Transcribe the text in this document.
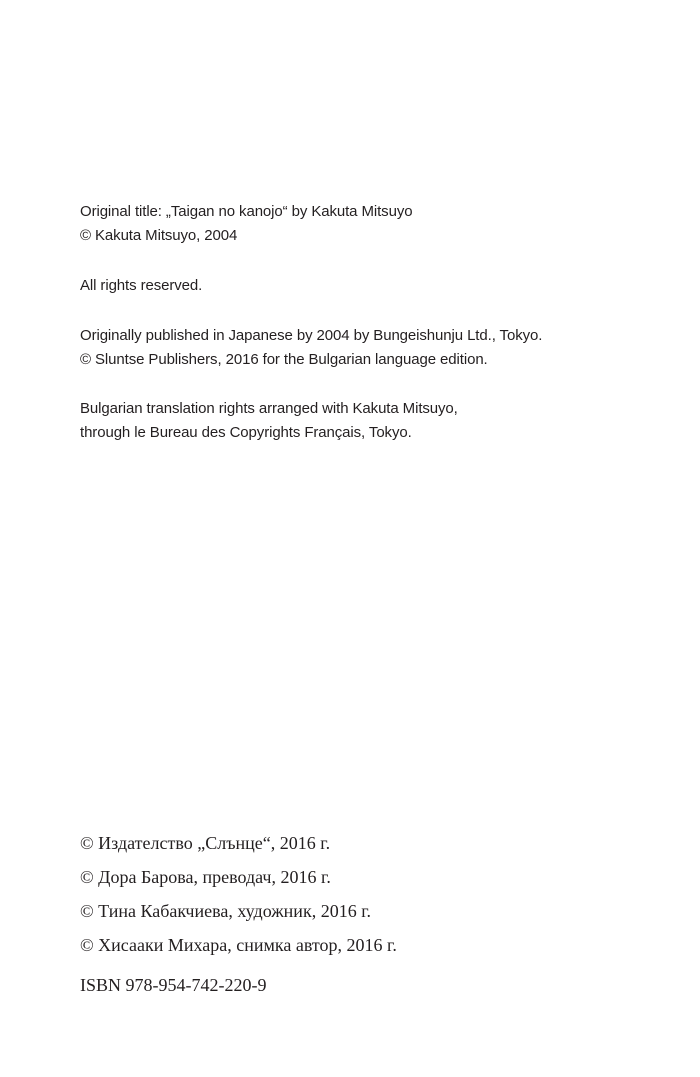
Original title: „Taigan no kanojo“ by Kakuta Mitsuyo
© Kakuta Mitsuyo, 2004
All rights reserved.
Originally published in Japanese by 2004 by Bungeishunju Ltd., Tokyo.
© Sluntse Publishers, 2016 for the Bulgarian language edition.
Bulgarian translation rights arranged with Kakuta Mitsuyo,
through le Bureau des Copyrights Français, Tokyo.
© Издателство „Слънце“, 2016 г.
© Дора Барова, преводач, 2016 г.
© Тина Кабакчиева, художник, 2016 г.
© Хисааки Михара, снимка автор, 2016 г.
ISBN 978-954-742-220-9
